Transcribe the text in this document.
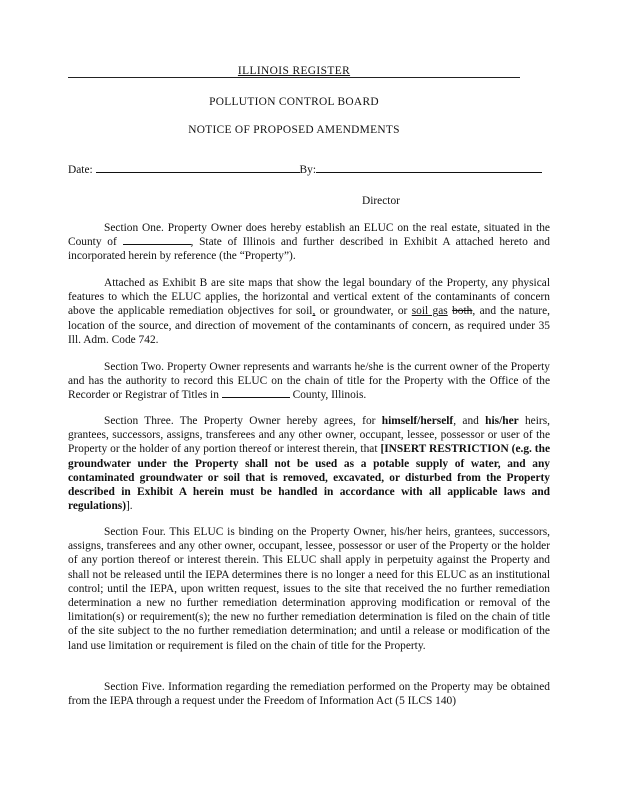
ILLINOIS REGISTER
POLLUTION CONTROL BOARD
NOTICE OF PROPOSED AMENDMENTS
Date:	By:
Director

Section One. Property Owner does hereby establish an ELUC on the real estate, situated in the County of	, State of Illinois and further described in Exhibit A attached hereto and incorporated herein by reference (the “Property”).

Attached as Exhibit B are site maps that show the legal boundary of the Property, any physical features to which the ELUC applies, the horizontal and vertical extent of the contaminants of concern above the applicable remediation objectives for soil, or groundwater, or soil gas both, and the nature, location of the source, and direction of movement of the contaminants of concern, as required under 35 Ill. Adm. Code 742.

Section Two. Property Owner represents and warrants he/she is the current owner of the Property and has the authority to record this ELUC on the chain of title for the Property with the Office of the Recorder or Registrar of Titles in	County, Illinois.

Section Three. The Property Owner hereby agrees, for himself/herself, and his/her heirs, grantees, successors, assigns, transferees and any other owner, occupant, lessee, possessor or user of the Property or the holder of any portion thereof or interest therein, that [INSERT RESTRICTION (e.g. the groundwater under the Property shall not be used as a potable supply of water, and any contaminated groundwater or soil that is removed, excavated, or disturbed from the Property described in Exhibit A herein must be handled in accordance with all applicable laws and regulations)].

Section Four. This ELUC is binding on the Property Owner, his/her heirs, grantees, successors, assigns, transferees and any other owner, occupant, lessee, possessor or user of the Property or the holder of any portion thereof or interest therein. This ELUC shall apply in perpetuity against the Property and shall not be released until the IEPA determines there is no longer a need for this ELUC as an institutional control; until the IEPA, upon written request, issues to the site that received the no further remediation determination a new no further remediation determination approving modification or removal of the limitation(s) or requirement(s); the new no further remediation determination is filed on the chain of title of the site subject to the no further remediation determination; and until a release or modification of the land use limitation or requirement is filed on the chain of title for the Property.

Section Five. Information regarding the remediation performed on the Property may be obtained from the IEPA through a request under the Freedom of Information Act (5 ILCS 140)
